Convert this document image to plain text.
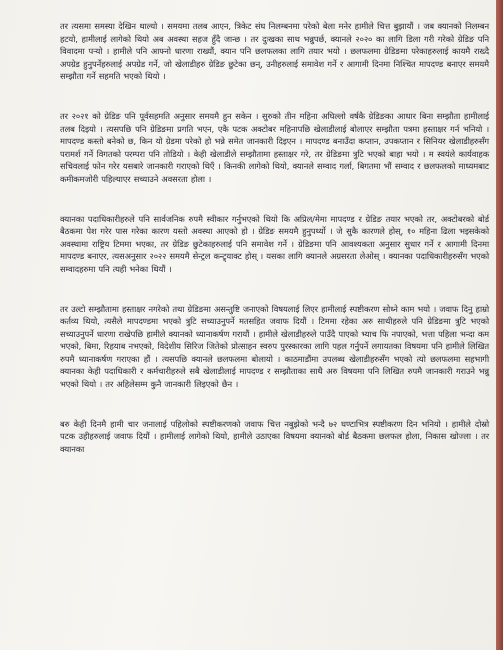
तर त्यसमा समस्या देखिन थाल्यो । समयमा तलब आएन, त्रिकेट संघ निलम्बनमा परेको बेला मनेर हामीले चित्त बुझायौं । जब क्यानको निलम्बन हटयो, हामीलाई लागेको थियो अब अवस्था सहज हुँदै जान्छ । तर दुःखका साथ भन्नुपर्छ, क्यानले २०२० का लागि डिला गरी गरेको ग्रेडिङ पनि विवादमा पऱ्यो । हामीले पनि आफ्नो धारणा राख्यौं, क्यान पनि छलफलका लागि तयार भयो । छलफलमा ग्रेडिङमा परेकाहरुलाई कायमै राख्दै अपग्रेड हुनुपर्नेहरुलाई अपग्रेड गर्ने, जो खेलाडीहरु ग्रेडिङ छुटेका छन्, उनीहरुलाई समावेश गर्ने र आगामी दिनमा निश्चित मापदण्ड बनाएर समयमै सम्झौता गर्ने सहमति भएको थियो ।

तर २०२१ को ग्रेडिङ पनि पूर्वसहमति अनुसार समयमै हुन सकेन । सुरुको तीन महिना अघिल्लो वर्षकै ग्रेडिङका आधार बिना सम्झौता हामीलाई तलब दिइयो । त्यसपछि पनि ग्रेडिङमा प्रगति भएन, एकै पटक अक्टोबर महिनापछि खेलाडीलाई बोलाएर सम्झौता पत्रमा हस्ताक्षर गर्न भनियो । मापदण्ड कस्तो बनेको छ, किन यो ग्रेडमा परेको हो भन्ने समेत जानकारी दिइएन । मापदण्ड बनाउँदा कप्तान, उपकप्तान र सिनियर खेलाडीहरुसँग परामर्श गर्ने विगतको परम्परा पनि तोडियो । केही खेलाडीले सम्झौतामा हस्ताक्षर गरे, तर ग्रेडिङमा त्रुटि भएको बाहा भयो । म स्वयंले कार्यवाहक सचिवलाई फोन गरेर यसबारे जानकारी गराएको थिएँ । किनकी लागेको थियो, क्यानले सम्वाद गर्ला, बिगतमा भौं सम्वाद र छलफलको माध्यमबाट कमीकमजोरी पहिल्याएर सच्याउने अवसरता होला ।

क्यानका पदाधिकारीहरुले पनि सार्वजनिक रुपमै स्वीकार गर्नुभएको थियो कि अप्रिल/मेमा मापदण्ड र ग्रेडिङ तयार भएको तर, अक्टोबरको बोर्ड बैठकमा पेश गरेर पास गरेका कारण यस्तो अवस्था आएको हो । ग्रेडिङ समयमै हुनुपर्थ्यो । जे सुकै कारणले होस्, १० महिना ढिला भइसकेको अवस्थामा राष्ट्रिय टिममा भएका, तर ग्रेडिङ छुटेकाहरुलाई पनि समावेश गर्ने । ग्रेडिङमा पनि आवश्यकता अनुसार सुधार गर्ने र आगामी दिनमा मापदण्ड बनाएर, त्यसअनुसार २०२२ समयमै सेन्ट्रल कन्ट्र्याक्ट होस् । यसका लागि क्यानले अग्रसरता लेओस् । क्यानका पदाधिकारीहरुसँग भएको सम्वादहरुमा पनि त्यही भनेका थियौं ।

तर उल्टो सम्झौतामा हस्ताक्षर नगरेको तथा ग्रेडिङमा असन्तुष्टि जनाएको विषयलाई लिएर हामीलाई स्पष्टीकरण सोध्ने काम भयो । जवाफ दिनु हाम्रो कर्तव्य थियो, त्यसैले मापदण्डमा भएको त्रुटि सच्याउनुपर्ने मतसहित जवाफ दियौं । टिममा रहेका अरु साथीहरुले पनि ग्रेडिङमा त्रुटि भएको सच्याउनुपर्ने धारणा राखेपछि हामीले क्यानको ध्यानाकर्षण गरायौं । हामीले खेलाडीहरुले पाउँदै पाएको भ्याच फि नपाएको, भत्ता पहिला भन्दा कम भएको, बिमा, रिहयाब नभएको, विदेशीय सिरिज जितेको प्रोत्साहन स्वरुप पुरस्कारका लागि पहल गर्नुपर्ने लगायतका विषयमा पनि हामीले लिखित रुपमै ध्यानाकर्षण गराएका हौं । त्यसपछि क्यानले छलफलमा बोलायो । काठमाडौंमा उपलब्ध खेलाडीहरुसँग भएको त्यो छलफलमा सहभागी क्यानका केही पदाधिकारी र कर्मचारीहरुले सबै खेलाडीलाई मापदण्ड र सम्झौताका साथै अरु विषयमा पनि लिखित रुपमै जानकारी गराउने भन्नु भएको थियो । तर अहिलेसम्म कुनै जानकारी लिइएको छैन ।

बरु केही दिनमै हामी चार जनालाई पहिलोको स्पष्टीकरणको जवाफ चित्त नबुझेको भन्दै ७२ घण्टाभित्र स्पष्टीकरण दिन भनियो । हामीले दोस्रो पटक उहीहरुलाई जवाफ दियौं । हामीलाई लागेको थियो, हामीले उठाएका विषयमा क्यानको बोर्ड बैठकमा छलफल होला, निकास खोज्ला । तर क्यानका
